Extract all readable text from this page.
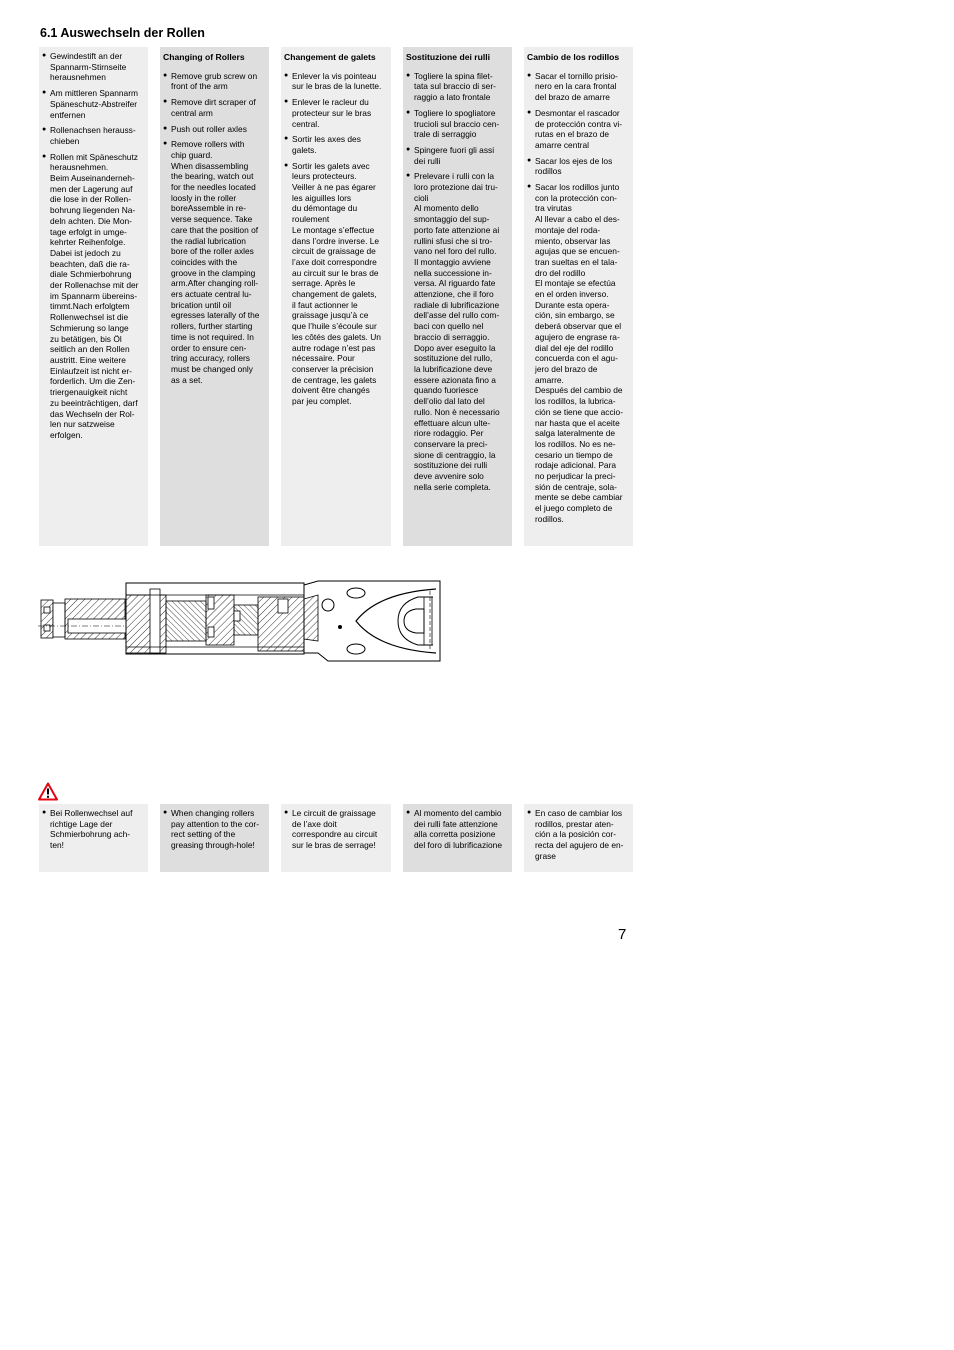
6.1 Auswechseln der Rollen
● Gewindestift an der
Spannarm-Stirnseite
herausnehmen
● Am mittleren Spannarm
Späneschutz-Abstreifer
entfernen
● Rollenachsen herauss-
chieben
● Rollen mit Späneschutz
herausnehmen.
Beim Auseinanderneh-
men der Lagerung auf
die lose in der Rollen-
bohrung liegenden Na-
deln achten. Die Mon-
tage erfolgt in umge-
kehrter Reihenfolge.
Dabei ist jedoch zu
beachten, daß die ra-
diale Schmierbohrung
der Rollenachse mit der
im Spannarm übereins-
timmt.Nach erfolgtem
Rollenwechsel ist die
Schmierung so lange
zu betätigen, bis Öl
seitlich an den Rollen
austritt. Eine weitere
Einlaufzeit ist nicht er-
forderlich. Um die Zen-
triergenauigkeit nicht
zu beeinträchtigen, darf
das Wechseln der Rol-
len nur satzweise
erfolgen.
Changing of Rollers
● Remove grub screw on
front of the arm
● Remove dirt scraper of
central arm
● Push out roller axles
● Remove rollers with
chip guard.
When disassembling
the bearing, watch out
for the needles located
loosly in the roller
boreAssemble in re-
verse sequence. Take
care that the position of
the radial lubrication
bore of the roller axles
coincides with the
groove in the clamping
arm.After changing roll-
ers actuate central lu-
brication until oil
egresses laterally of the
rollers, further starting
time is not required. In
order to ensure cen-
tring accuracy, rollers
must be changed only
as a set.
Changement de galets
● Enlever la vis pointeau
sur le bras de la lunette.
● Enlever le racleur du
protecteur sur le bras
central.
● Sortir les axes des
galets.
● Sortir les galets avec
leurs protecteurs.
Veiller à ne pas égarer
les aiguilles lors
du démontage du
roulement
Le montage s’effectue
dans l’ordre inverse. Le
circuit de graissage de
l’axe doit correspondre
au circuit sur le bras de
serrage. Après le
changement de galets,
il faut actionner le
graissage jusqu’à ce
que l’huile s’écoule sur
les côtés des galets. Un
autre rodage n’est pas
nécessaire. Pour
conserver la précision
de centrage, les galets
doivent être changés
par jeu complet.
Sostituzione dei rulli
● Togliere la spina filet-
tata sul braccio di ser-
raggio a lato frontale
● Togliere lo spogliatore
trucioli sul braccio cen-
trale di serraggio
● Spingere fuori gli assi
dei rulli
● Prelevare i rulli con la
loro protezione dai tru-
cioli
Al momento dello
smontaggio del sup-
porto fate attenzione ai
rullini sfusi che si tro-
vano nel foro del rullo.
Il montaggio avviene
nella successione in-
versa. Al riguardo fate
attenzione, che il foro
radiale di lubrificazione
dell’asse del rullo com-
baci con quello nel
braccio di serraggio.
Dopo aver eseguito la
sostituzione del rullo,
la lubrificazione deve
essere azionata fino a
quando fuoriesce
dell’olio dal lato del
rullo. Non è necessario
effettuare alcun ulte-
riore rodaggio. Per
conservare la preci-
sione di centraggio, la
sostituzione dei rulli
deve avvenire solo
nella serie completa.
Cambio de los rodillos
● Sacar el tornillo prisio-
nero en la cara frontal
del brazo de amarre
● Desmontar el rascador
de protección contra vi-
rutas en el brazo de
amarre central
● Sacar los ejes de los
rodillos
● Sacar los rodillos junto
con la protección con-
tra virutas
Al llevar a cabo el des-
montaje del roda-
miento, observar las
agujas que se encuen-
tran sueltas en el tala-
dro del rodillo
El montaje se efectúa
en el orden inverso.
Durante esta opera-
ción, sin embargo, se
deberá observar que el
agujero de engrase ra-
dial del eje del rodillo
concuerda con el agu-
jero del brazo de
amarre.
Después del cambio de
los rodillos, la lubrica-
ción se tiene que accio-
nar hasta que el aceite
salga lateralmente de
los rodillos. No es ne-
cesario un tiempo de
rodaje adicional. Para
no perjudicar la preci-
sión de centraje, sola-
mente se debe cambiar
el juego completo de
rodillos.
● Bei Rollenwechsel auf
richtige Lage der
Schmierbohrung ach-
ten!
● When changing rollers
pay attention to the cor-
rect setting of the
greasing through-hole!
● Le circuit de graissage
de l’axe doit
correspondre au circuit
sur le bras de serrage!
● Al momento del cambio
dei rulli fate attenzione
alla corretta posizione
del foro di lubrificazione
● En caso de cambiar los
rodillos, prestar aten-
ción a la posición cor-
recta del agujero de en-
grase
7
